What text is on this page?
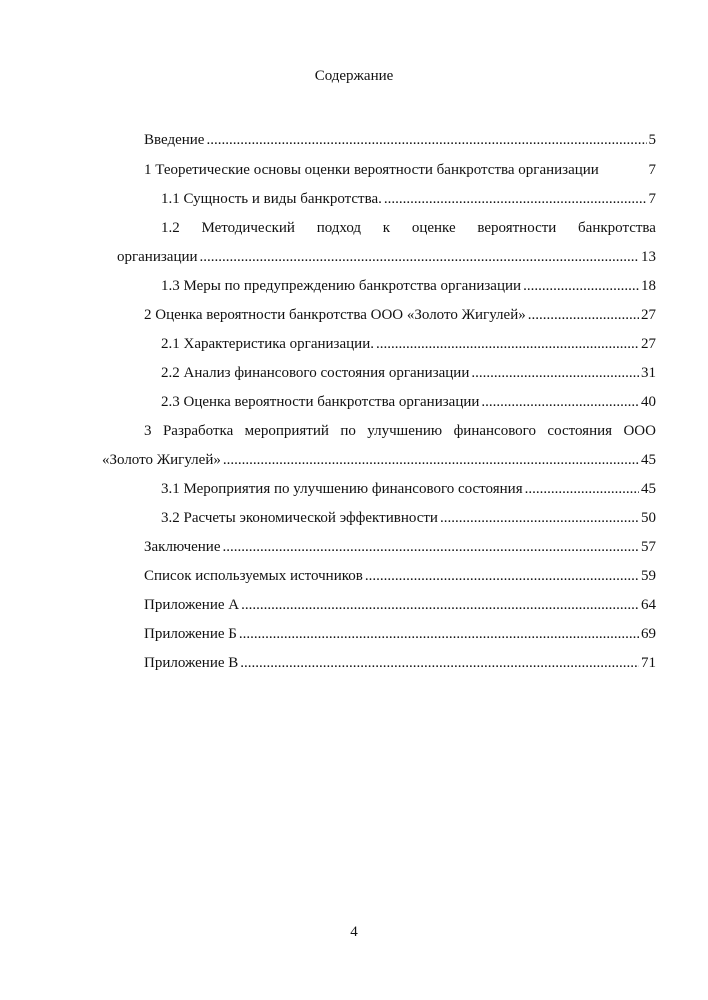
Содержание
Введение .....	5
1 Теоретические основы оценки вероятности банкротства организации	7
1.1 Сущность и виды банкротства. .....	7
1.2 Методический подход к оценке вероятности банкротства
организации .....	13
1.3 Меры по предупреждению банкротства организации .....	18
2 Оценка вероятности банкротства ООО «Золото Жигулей» .....	27
2.1 Характеристика организации. .....	27
2.2 Анализ финансового состояния организации .....	31
2.3 Оценка вероятности банкротства организации .....	40
3 Разработка мероприятий по улучшению финансового состояния ООО
«Золото Жигулей» .....	45
3.1 Мероприятия по улучшению финансового состояния .....	45
3.2 Расчеты экономической эффективности .....	50
Заключение .....	57
Список используемых источников .....	59
Приложение А .....	64
Приложение Б .....	69
Приложение В .....	71
4
